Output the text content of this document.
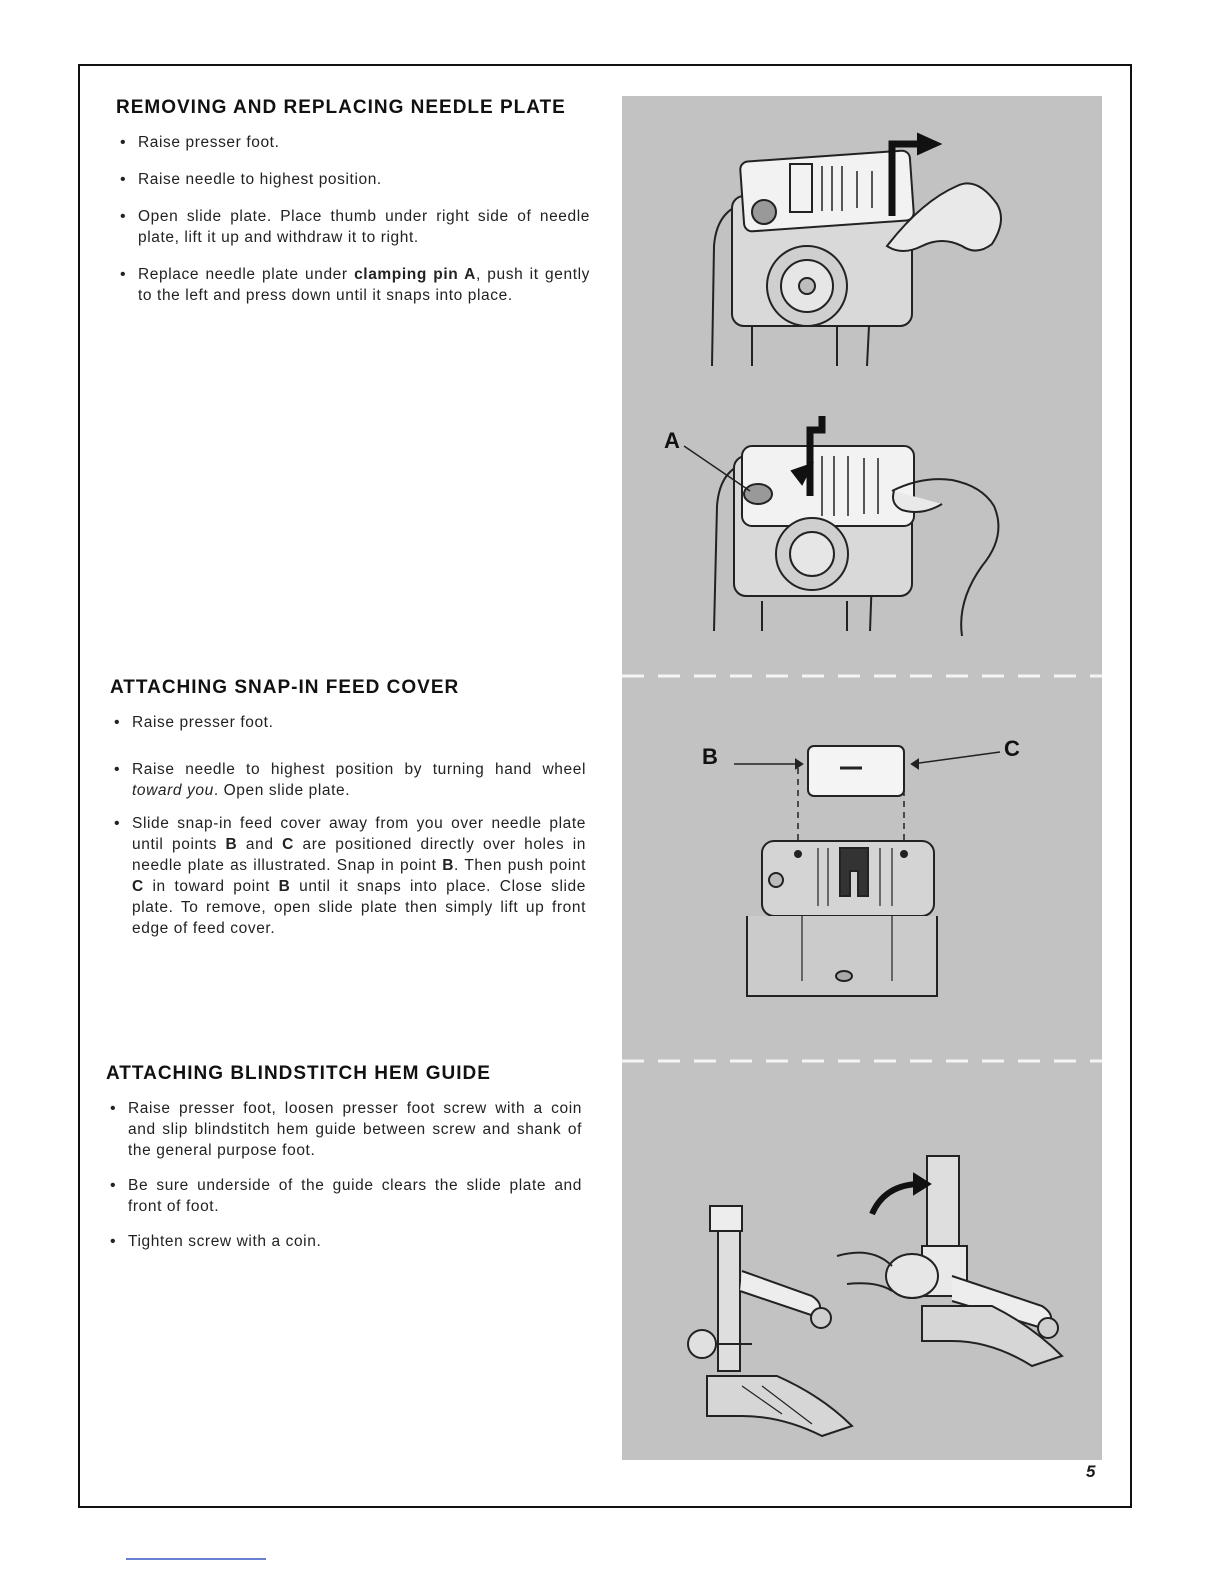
REMOVING AND REPLACING NEEDLE PLATE
• Raise presser foot.
• Raise needle to highest position.
• Open slide plate. Place thumb under right side of needle plate, lift it up and withdraw it to right.
• Replace needle plate under clamping pin A, push it gently to the left and press down until it snaps into place.
ATTACHING SNAP-IN FEED COVER
• Raise presser foot.
• Raise needle to highest position by turning hand wheel toward you. Open slide plate.
• Slide snap-in feed cover away from you over needle plate until points B and C are positioned directly over holes in needle plate as illustrated. Snap in point B. Then push point C in toward point B until it snaps into place. Close slide plate. To remove, open slide plate then simply lift up front edge of feed cover.
ATTACHING BLINDSTITCH HEM GUIDE
• Raise presser foot, loosen presser foot screw with a coin and slip blindstitch hem guide between screw and shank of the general purpose foot.
• Be sure underside of the guide clears the slide plate and front of foot.
• Tighten screw with a coin.
A
B	C
5
